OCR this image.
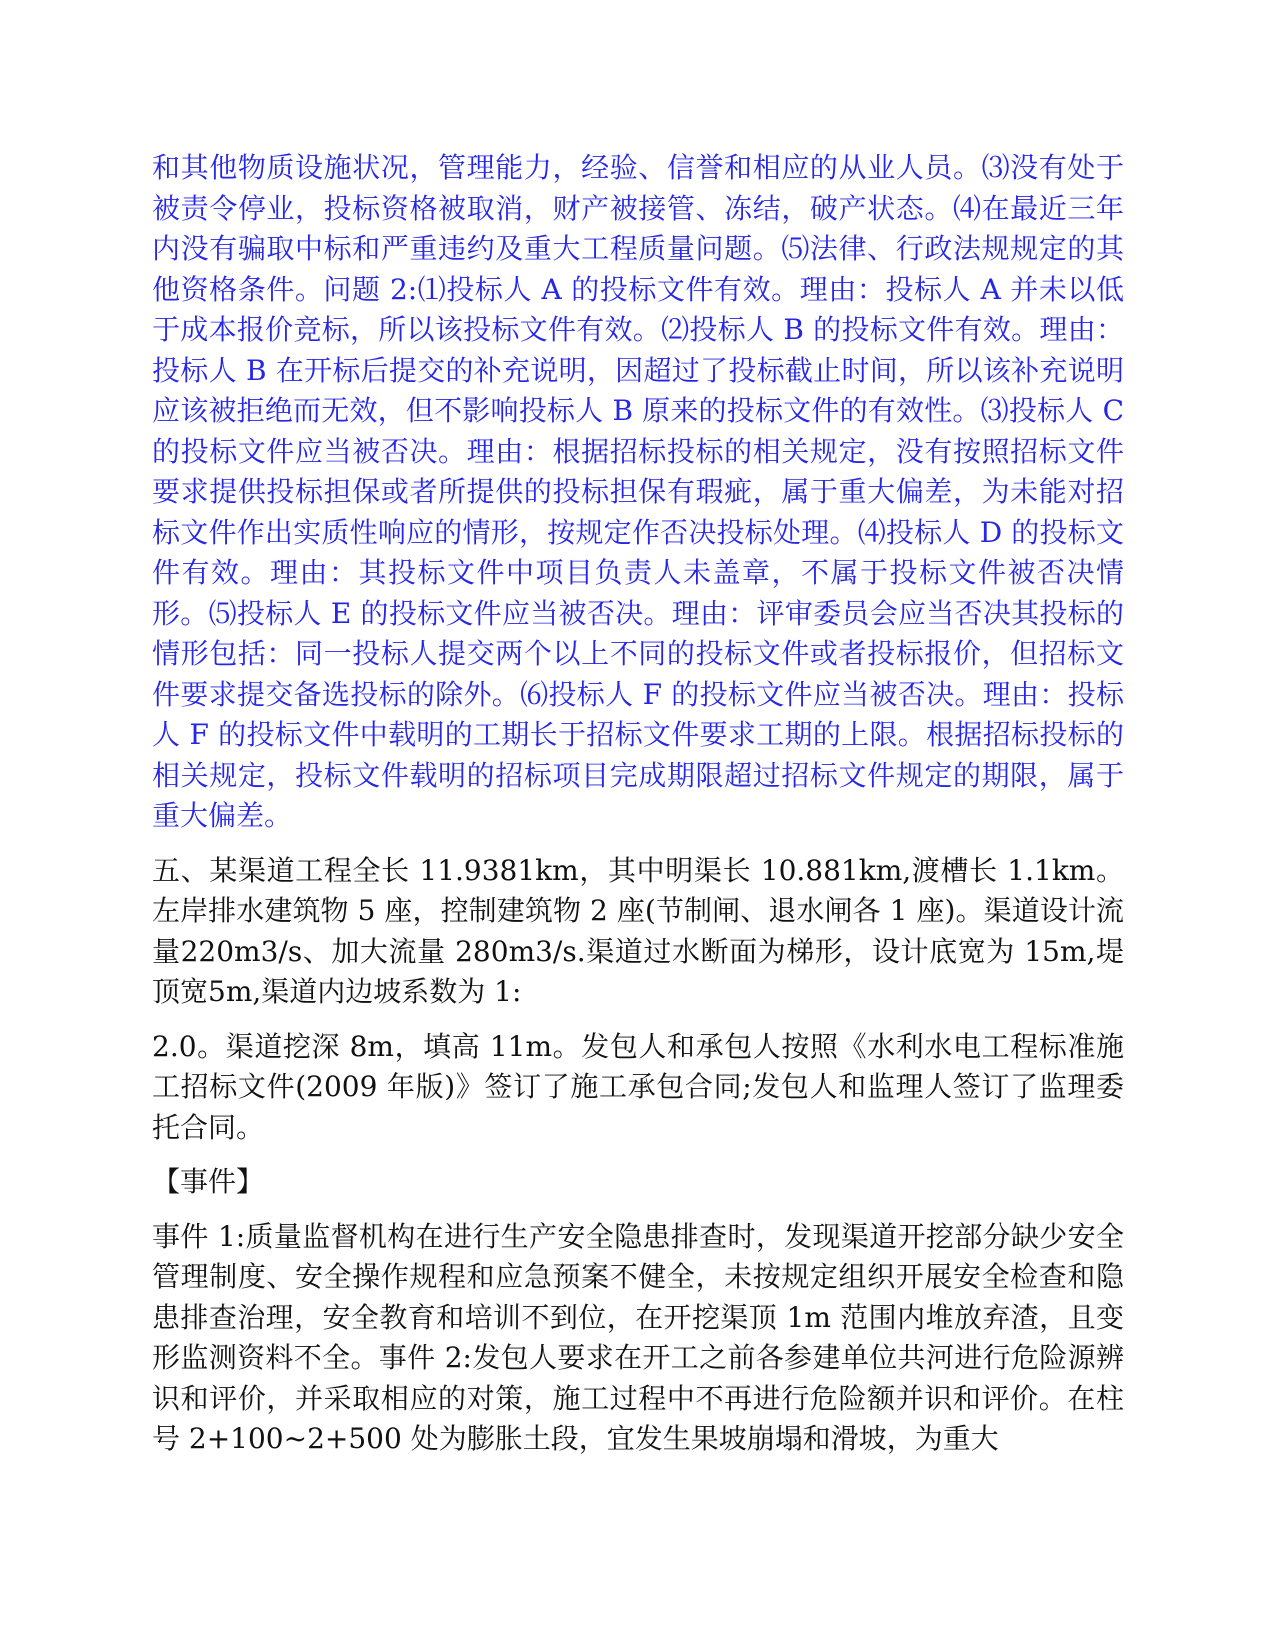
和其他物质设施状况，管理能力，经验、信誉和相应的从业人员。⑶没有处于被责令停业，投标资格被取消，财产被接管、冻结，破产状态。⑷在最近三年内没有骗取中标和严重违约及重大工程质量问题。⑸法律、行政法规规定的其他资格条件。问题 2:⑴投标人 A 的投标文件有效。理由：投标人 A 并未以低于成本报价竞标，所以该投标文件有效。⑵投标人 B 的投标文件有效。理由：投标人 B 在开标后提交的补充说明，因超过了投标截止时间，所以该补充说明应该被拒绝而无效，但不影响投标人 B 原来的投标文件的有效性。⑶投标人 C 的投标文件应当被否决。理由：根据招标投标的相关规定，没有按照招标文件要求提供投标担保或者所提供的投标担保有瑕疵，属于重大偏差，为未能对招标文件作出实质性响应的情形，按规定作否决投标处理。⑷投标人 D 的投标文件有效。理由：其投标文件中项目负责人未盖章，不属于投标文件被否决情形。⑸投标人 E 的投标文件应当被否决。理由：评审委员会应当否决其投标的情形包括：同一投标人提交两个以上不同的投标文件或者投标报价，但招标文件要求提交备选投标的除外。⑹投标人 F 的投标文件应当被否决。理由：投标人 F 的投标文件中载明的工期长于招标文件要求工期的上限。根据招标投标的相关规定，投标文件载明的招标项目完成期限超过招标文件规定的期限，属于重大偏差。

五、某渠道工程全长 11.9381km，其中明渠长 10.881km,渡槽长 1.1km。左岸排水建筑物 5 座，控制建筑物 2 座(节制闸、退水闸各 1 座)。渠道设计流量220m3/s、加大流量 280m3/s.渠道过水断面为梯形，设计底宽为 15m,堤顶宽5m,渠道内边坡系数为 1:

2.0。渠道挖深 8m，填高 11m。发包人和承包人按照《水利水电工程标准施工招标文件(2009 年版)》签订了施工承包合同;发包人和监理人签订了监理委托合同。

【事件】

事件 1:质量监督机构在进行生产安全隐患排查时，发现渠道开挖部分缺少安全管理制度、安全操作规程和应急预案不健全，未按规定组织开展安全检查和隐患排查治理，安全教育和培训不到位，在开挖渠顶 1m 范围内堆放弃渣，且变形监测资料不全。事件 2:发包人要求在开工之前各参建单位共河进行危险源辨识和评价，并采取相应的对策，施工过程中不再进行危险额并识和评价。在柱号 2+100~2+500 处为膨胀土段，宜发生果坡崩塌和滑坡，为重大
